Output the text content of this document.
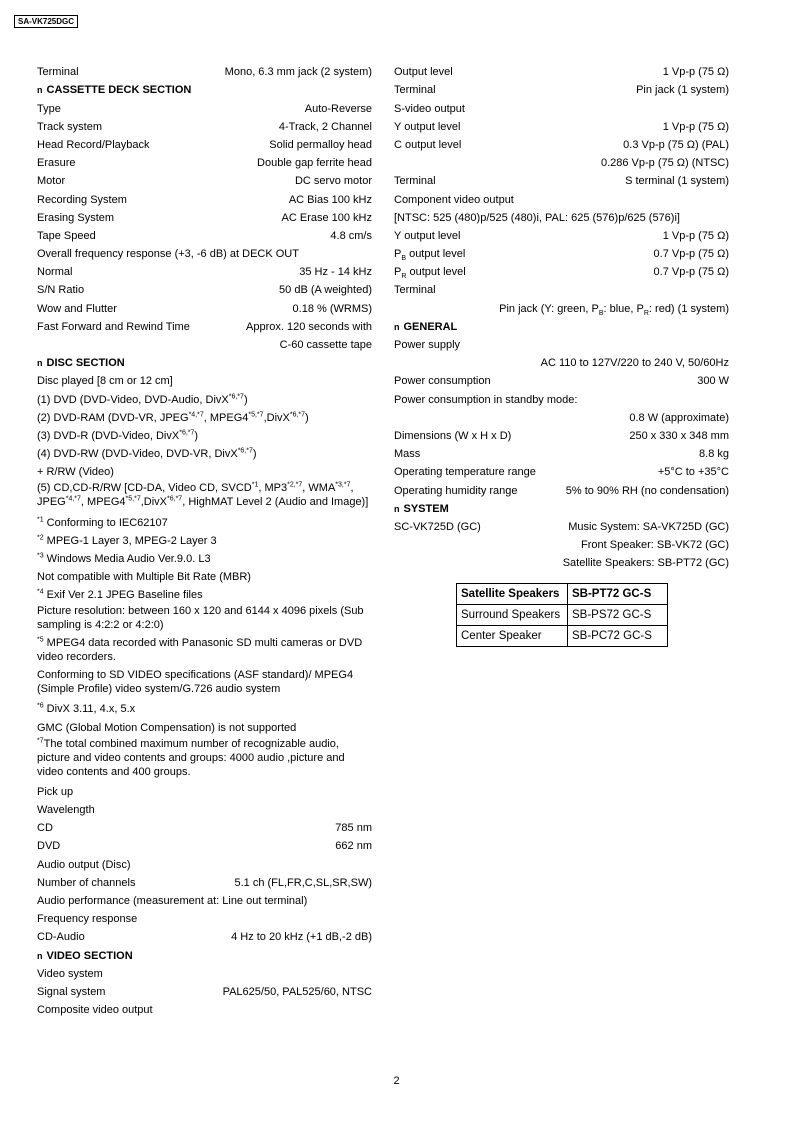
SA-VK725DGC
Terminal	Mono, 6.3 mm jack (2 system)
n CASSETTE DECK SECTION
Type	Auto-Reverse
Track system	4-Track, 2 Channel
Head Record/Playback	Solid permalloy head
Erasure	Double gap ferrite head
Motor	DC servo motor
Recording System	AC Bias 100 kHz
Erasing System	AC Erase 100 kHz
Tape Speed	4.8 cm/s
Overall frequency response (+3, -6 dB) at DECK OUT
Normal	35 Hz - 14 kHz
S/N Ratio	50 dB (A weighted)
Wow and Flutter	0.18 % (WRMS)
Fast Forward and Rewind Time	Approx. 120 seconds with
C-60 cassette tape
n DISC SECTION
Disc played [8 cm or 12 cm]
(1) DVD (DVD-Video, DVD-Audio, DivX$^{*6,*7}$)
(2) DVD-RAM (DVD-VR, $JPEG^{*4,*7}$, $MPEG4^{*5,*7},DivX^{*6,*7}$)
(3) DVD-R (DVD-Video, DivX$^{*6,*7}$)
(4) DVD-RW (DVD-Video, DVD-VR, DivX$^{*6,*7}$)
+ R/RW (Video)
(5) CD,CD-R/RW [CD-DA, Video CD, SVCD$^{*1}$, $MP3^{*2,*7}$, $WMA^{*3,*7}$, $JPEG^{*4,*7}$, $MPEG4^{*5,*7},DivX^{*6,*7}$, HighMAT Level 2 (Audio and Image)]
$^{*1}$ Conforming to IEC62107
$^{*2}$ MPEG-1 Layer 3, MPEG-2 Layer 3
$^{*3}$ Windows Media Audio Ver.9.0. L3
Not compatible with Multiple Bit Rate (MBR)
$^{*4}$ Exif Ver 2.1 JPEG Baseline files
Picture resolution: between 160 x 120 and 6144 x 4096 pixels (Sub sampling is 4:2:2 or 4:2:0)
$^{*5}$ MPEG4 data recorded with Panasonic SD multi cameras or DVD video recorders.
Conforming to SD VIDEO specifications (ASF standard)/ MPEG4 (Simple Profile) video system/G.726 audio system
$^{*6}$ DivX 3.11, 4.x, 5.x
GMC (Global Motion Compensation) is not supported
$^{*7}$The total combined maximum number of recognizable audio, picture and video contents and groups: 4000 audio ,picture and video contents and 400 groups.
Pick up
Wavelength
CD	785 nm
DVD	662 nm
Audio output (Disc)
Number of channels	5.1 ch (FL,FR,C,SL,SR,SW)
Audio performance (measurement at: Line out terminal)
Frequency response
CD-Audio	4 Hz to 20 kHz (+1 dB,-2 dB)
n VIDEO SECTION
Video system
Signal system	PAL625/50, PAL525/60, NTSC
Composite video output
Output level	1 Vp-p (75 Ω)
Terminal	Pin jack (1 system)
S-video output
Y output level	1 Vp-p (75 Ω)
C output level	0.3 Vp-p (75 Ω) (PAL)
0.286 Vp-p (75 Ω) (NTSC)
Terminal	S terminal (1 system)
Component video output
[NTSC: 525 (480)p/525 (480)i, PAL: 625 (576)p/625 (576)i]
Y output level	1 Vp-p (75 Ω)
$P_B$ output level	0.7 Vp-p (75 Ω)
$P_R$ output level	0.7 Vp-p (75 Ω)
Terminal
Pin jack (Y: green, $P_B$: blue, $P_R$: red) (1 system)
n GENERAL
Power supply
AC 110 to 127V/220 to 240 V, 50/60Hz
Power consumption	300 W
Power consumption in standby mode:
0.8 W (approximate)
Dimensions (W x H x D)	250 x 330 x 348 mm
Mass	8.8 kg
Operating temperature range	+5°C to +35°C
Operating humidity range	5% to 90% RH (no condensation)
n SYSTEM
SC-VK725D (GC)	Music System: SA-VK725D (GC)
Front Speaker: SB-VK72 (GC)
Satellite Speakers: SB-PT72 (GC)
Satellite Speakers	SB-PT72 GC-S
Surround Speakers	SB-PS72 GC-S
Center Speaker	SB-PC72 GC-S
2
